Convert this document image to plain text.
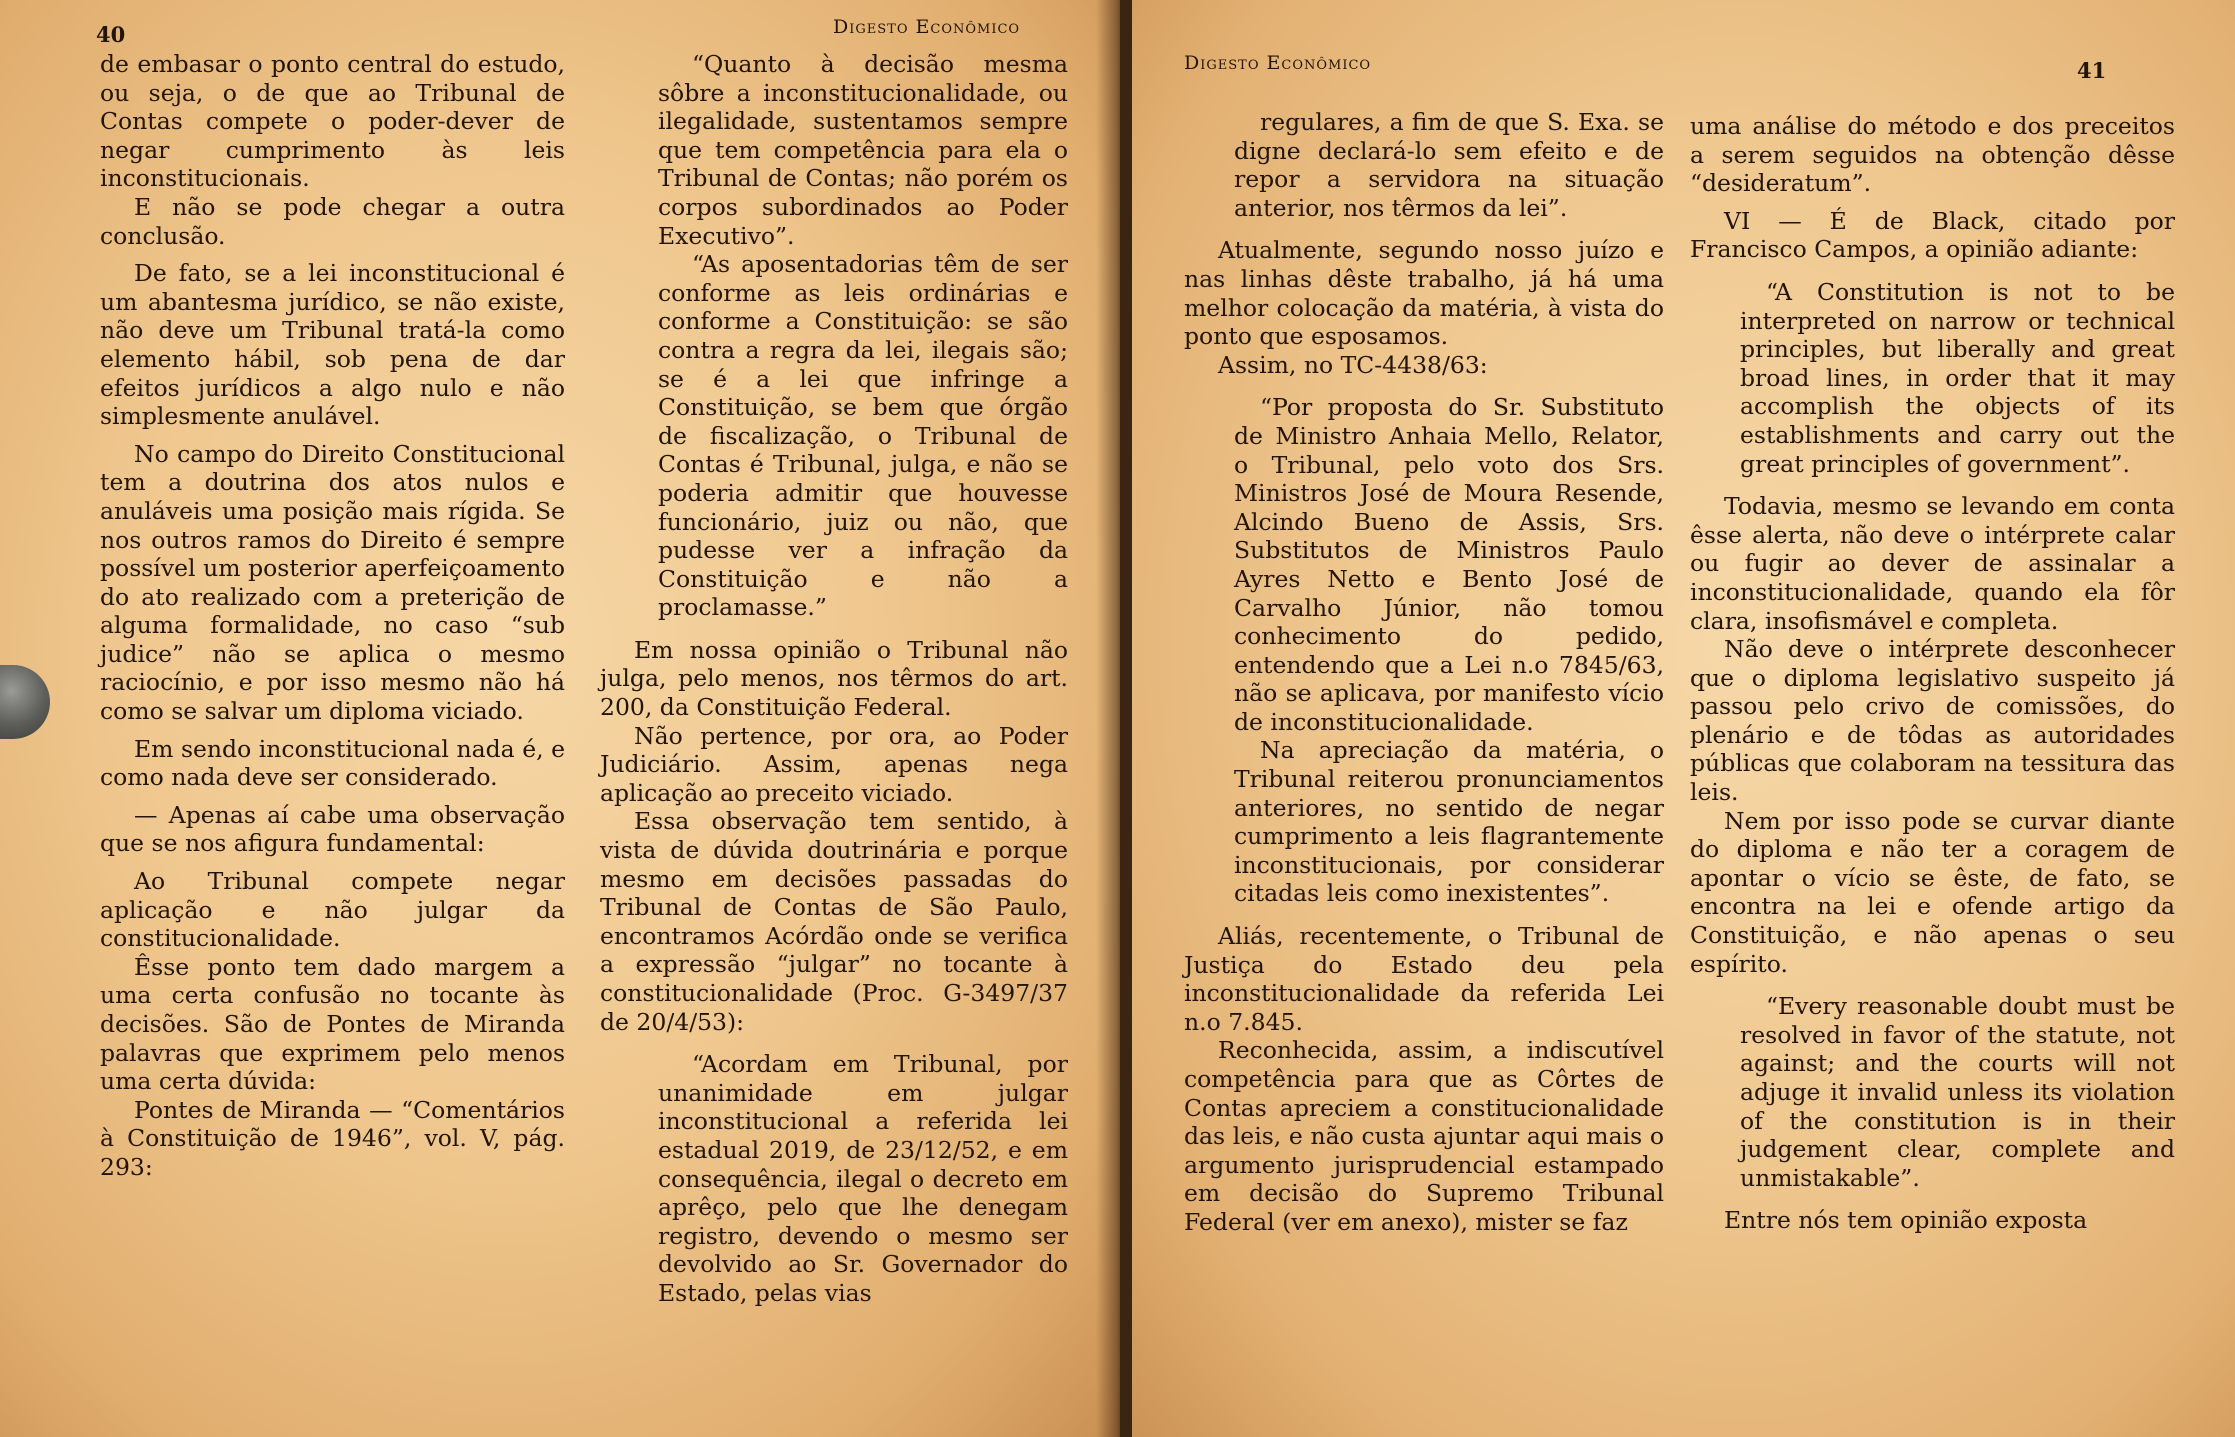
40	Digesto Econômico

de embasar o ponto central do estudo, ou seja, o de que ao Tribunal de Contas compete o poder-dever de negar cumprimento às leis inconstitucionais.

E não se pode chegar a outra conclusão.

De fato, se a lei inconstitucional é um abantesma jurídico, se não existe, não deve um Tribunal tratá-la como elemento hábil, sob pena de dar efeitos jurídicos a algo nulo e não simplesmente anulável.

No campo do Direito Constitucional tem a doutrina dos atos nulos e anuláveis uma posição mais rígida. Se nos outros ramos do Direito é sempre possível um posterior aperfeiçoamento do ato realizado com a preterição de alguma formalidade, no caso “sub judice” não se aplica o mesmo raciocínio, e por isso mesmo não há como se salvar um diploma viciado.

Em sendo inconstitucional nada é, e como nada deve ser considerado.

— Apenas aí cabe uma observação que se nos afigura fundamental:

Ao Tribunal compete negar aplicação e não julgar da constitucionalidade.

Êsse ponto tem dado margem a uma certa confusão no tocante às decisões. São de Pontes de Miranda palavras que exprimem pelo menos uma certa dúvida:

Pontes de Miranda — “Comentários à Constituição de 1946”, vol. V, pág. 293:

“Quanto à decisão mesma sôbre a inconstitucionalidade, ou ilegalidade, sustentamos sempre que tem competência para ela o Tribunal de Contas; não porém os corpos subordinados ao Poder Executivo”.

“As aposentadorias têm de ser conforme as leis ordinárias e conforme a Constituição: se são contra a regra da lei, ilegais são; se é a lei que infringe a Constituição, se bem que órgão de fiscalização, o Tribunal de Contas é Tribunal, julga, e não se poderia admitir que houvesse funcionário, juiz ou não, que pudesse ver a infração da Constituição e não a proclamasse.”

Em nossa opinião o Tribunal não julga, pelo menos, nos têrmos do art. 200, da Constituição Federal.

Não pertence, por ora, ao Poder Judiciário. Assim, apenas nega aplicação ao preceito viciado.

Essa observação tem sentido, à vista de dúvida doutrinária e porque mesmo em decisões passadas do Tribunal de Contas de São Paulo, encontramos Acórdão onde se verifica a expressão “julgar” no tocante à constitucionalidade (Proc. G-3497/37 de 20/4/53):

“Acordam em Tribunal, por unanimidade em julgar inconstitucional a referida lei estadual 2019, de 23/12/52, e em consequência, ilegal o decreto em aprêço, pelo que lhe denegam registro, devendo o mesmo ser devolvido ao Sr. Governador do Estado, pelas vias

Digesto Econômico	41

regulares, a fim de que S. Exa. se digne declará-lo sem efeito e de repor a servidora na situação anterior, nos têrmos da lei”.

Atualmente, segundo nosso juízo e nas linhas dêste trabalho, já há uma melhor colocação da matéria, à vista do ponto que esposamos.

Assim, no TC-4438/63:

“Por proposta do Sr. Substituto de Ministro Anhaia Mello, Relator, o Tribunal, pelo voto dos Srs. Ministros José de Moura Resende, Alcindo Bueno de Assis, Srs. Substitutos de Ministros Paulo Ayres Netto e Bento José de Carvalho Júnior, não tomou conhecimento do pedido, entendendo que a Lei n.o 7845/63, não se aplicava, por manifesto vício de inconstitucionalidade.

Na apreciação da matéria, o Tribunal reiterou pronunciamentos anteriores, no sentido de negar cumprimento a leis flagrantemente inconstitucionais, por considerar citadas leis como inexistentes”.

Aliás, recentemente, o Tribunal de Justiça do Estado deu pela inconstitucionalidade da referida Lei n.o 7.845.

Reconhecida, assim, a indiscutível competência para que as Côrtes de Contas apreciem a constitucionalidade das leis, e não custa ajuntar aqui mais o argumento jurisprudencial estampado em decisão do Supremo Tribunal Federal (ver em anexo), mister se faz

uma análise do método e dos preceitos a serem seguidos na obtenção dêsse “desideratum”.

VI — É de Black, citado por Francisco Campos, a opinião adiante:

“A Constitution is not to be interpreted on narrow or technical principles, but liberally and great broad lines, in order that it may accomplish the objects of its establishments and carry out the great principles of government”.

Todavia, mesmo se levando em conta êsse alerta, não deve o intérprete calar ou fugir ao dever de assinalar a inconstitucionalidade, quando ela fôr clara, insofismável e completa.

Não deve o intérprete desconhecer que o diploma legislativo suspeito já passou pelo crivo de comissões, do plenário e de tôdas as autoridades públicas que colaboram na tessitura das leis.

Nem por isso pode se curvar diante do diploma e não ter a coragem de apontar o vício se êste, de fato, se encontra na lei e ofende artigo da Constituição, e não apenas o seu espírito.

“Every reasonable doubt must be resolved in favor of the statute, not against; and the courts will not adjuge it invalid unless its violation of the constitution is in their judgement clear, complete and unmistakable”.

Entre nós tem opinião exposta
